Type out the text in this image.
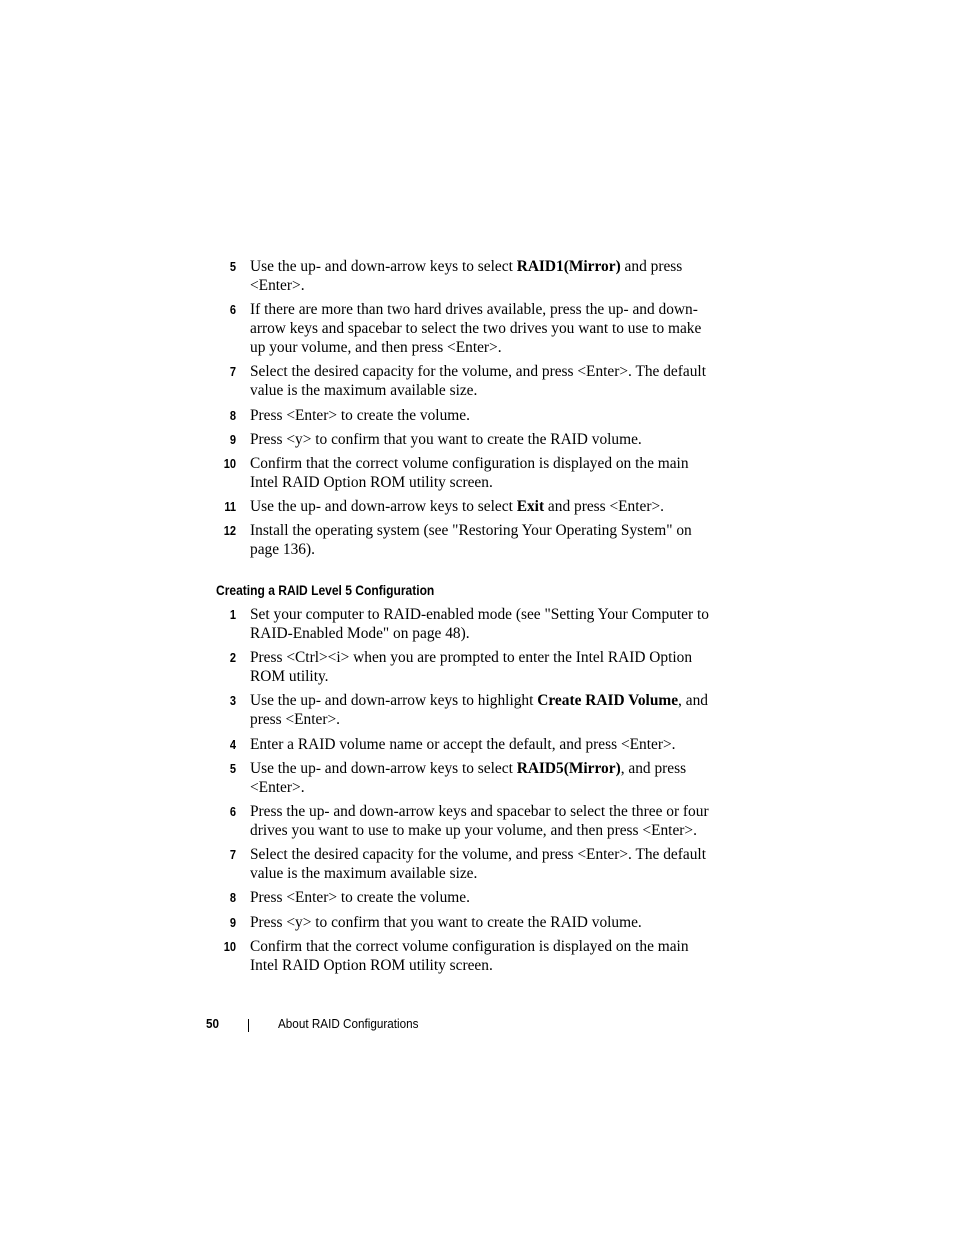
5 Use the up- and down-arrow keys to select RAID1(Mirror) and press <Enter>.
6 If there are more than two hard drives available, press the up- and down-arrow keys and spacebar to select the two drives you want to use to make up your volume, and then press <Enter>.
7 Select the desired capacity for the volume, and press <Enter>. The default value is the maximum available size.
8 Press <Enter> to create the volume.
9 Press <y> to confirm that you want to create the RAID volume.
10 Confirm that the correct volume configuration is displayed on the main Intel RAID Option ROM utility screen.
11 Use the up- and down-arrow keys to select Exit and press <Enter>.
12 Install the operating system (see "Restoring Your Operating System" on page 136).
Creating a RAID Level 5 Configuration
1 Set your computer to RAID-enabled mode (see "Setting Your Computer to RAID-Enabled Mode" on page 48).
2 Press <Ctrl><i> when you are prompted to enter the Intel RAID Option ROM utility.
3 Use the up- and down-arrow keys to highlight Create RAID Volume, and press <Enter>.
4 Enter a RAID volume name or accept the default, and press <Enter>.
5 Use the up- and down-arrow keys to select RAID5(Mirror), and press <Enter>.
6 Press the up- and down-arrow keys and spacebar to select the three or four drives you want to use to make up your volume, and then press <Enter>.
7 Select the desired capacity for the volume, and press <Enter>. The default value is the maximum available size.
8 Press <Enter> to create the volume.
9 Press <y> to confirm that you want to create the RAID volume.
10 Confirm that the correct volume configuration is displayed on the main Intel RAID Option ROM utility screen.
50	About RAID Configurations
